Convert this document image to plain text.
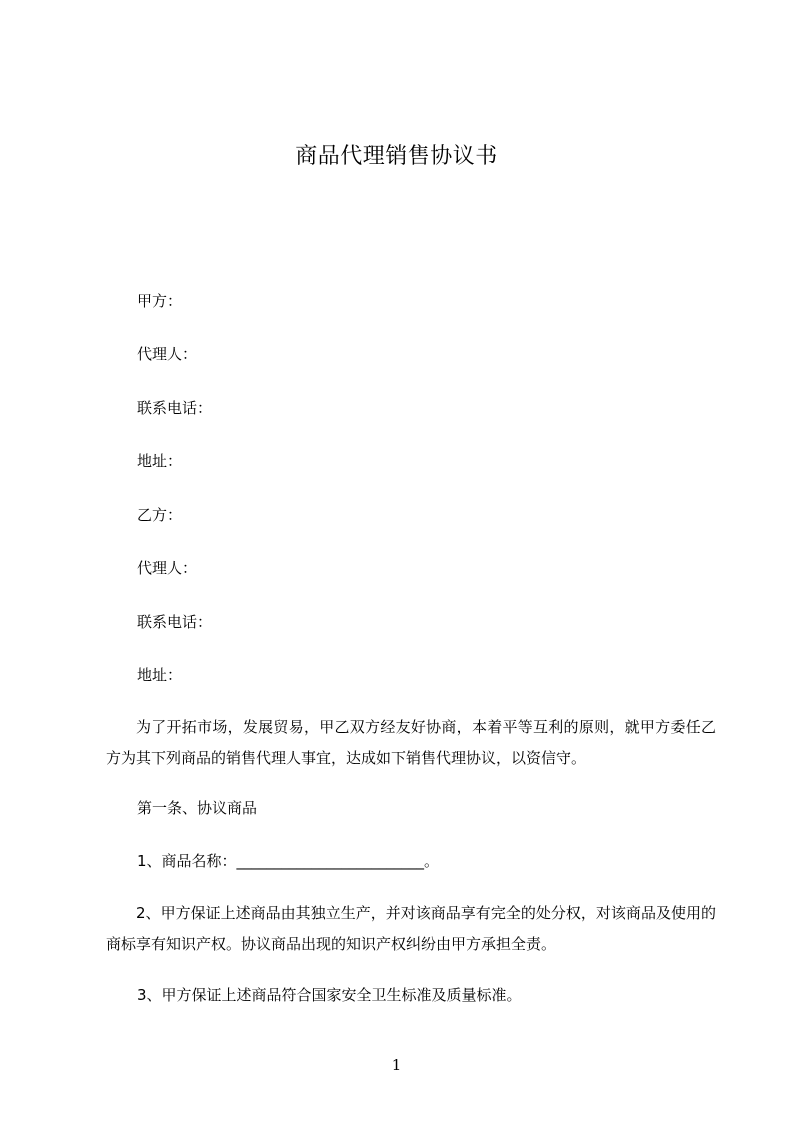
商品代理销售协议书
甲方：
代理人：
联系电话：
地址：
乙方：
代理人：
联系电话：
地址：
为了开拓市场，发展贸易，甲乙双方经友好协商，本着平等互利的原则，就甲方委任乙方为其下列商品的销售代理人事宜，达成如下销售代理协议，以资信守。
第一条、协议商品
1、商品名称：_________________________。
2、甲方保证上述商品由其独立生产，并对该商品享有完全的处分权，对该商品及使用的商标享有知识产权。协议商品出现的知识产权纠纷由甲方承担全责。
3、甲方保证上述商品符合国家安全卫生标准及质量标准。
1
